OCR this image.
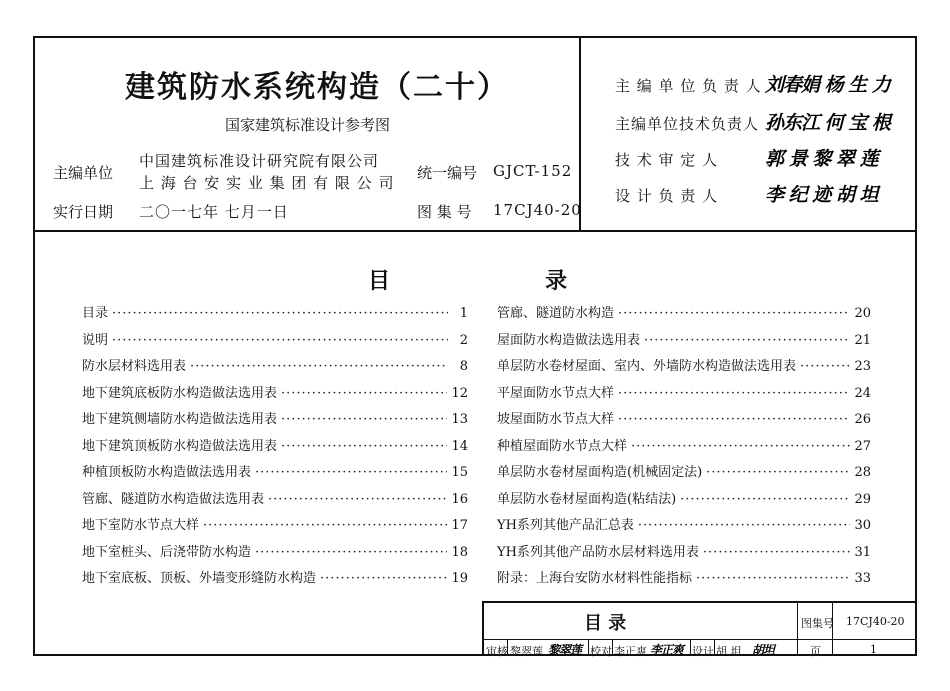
建筑防水系统构造（二十）
国家建筑标准设计参考图
主编单位
中国建筑标准设计研究院有限公司
上 海 台 安 实 业 集 团 有 限 公 司
实行日期 二〇一七年 七月一日
统一编号 GJCT-152
图 集 号 17CJ40-20
主 编 单 位 负 责 人 刘春娟 杨 生 力
主编单位技术负责人 孙东江 何 宝 根
技 术 审 定 人 郭 景 黎 翠 莲
设 计 负 责 人 李 纪 迹 胡 坦
目	录
目录 ·····	1
说明 ·····	2
防水层材料选用表 ·····	8
地下建筑底板防水构造做法选用表 ·····	12
地下建筑侧墙防水构造做法选用表 ·····	13
地下建筑顶板防水构造做法选用表 ·····	14
种植顶板防水构造做法选用表 ·····	15
管廊、隧道防水构造做法选用表 ·····	16
地下室防水节点大样 ·····	17
地下室桩头、后浇带防水构造 ·····	18
地下室底板、顶板、外墙变形缝防水构造 ·····	19
管廊、隧道防水构造 ·····	20
屋面防水构造做法选用表 ·····	21
单层防水卷材屋面、室内、外墙防水构造做法选用表 ·····	23
平屋面防水节点大样 ·····	24
坡屋面防水节点大样 ·····	26
种植屋面防水节点大样 ·····	27
单层防水卷材屋面构造(机械固定法) ·····	28
单层防水卷材屋面构造(粘结法) ·····	29
YH系列其他产品汇总表 ·····	30
YH系列其他产品防水层材料选用表 ·····	31
附录：上海台安防水材料性能指标 ·····	33
目 录	图集号 17CJ40-20
审核 黎翠莲 黎翠莲 校对 李正爽 李正爽 设计 胡 坦 胡坦	页	1
